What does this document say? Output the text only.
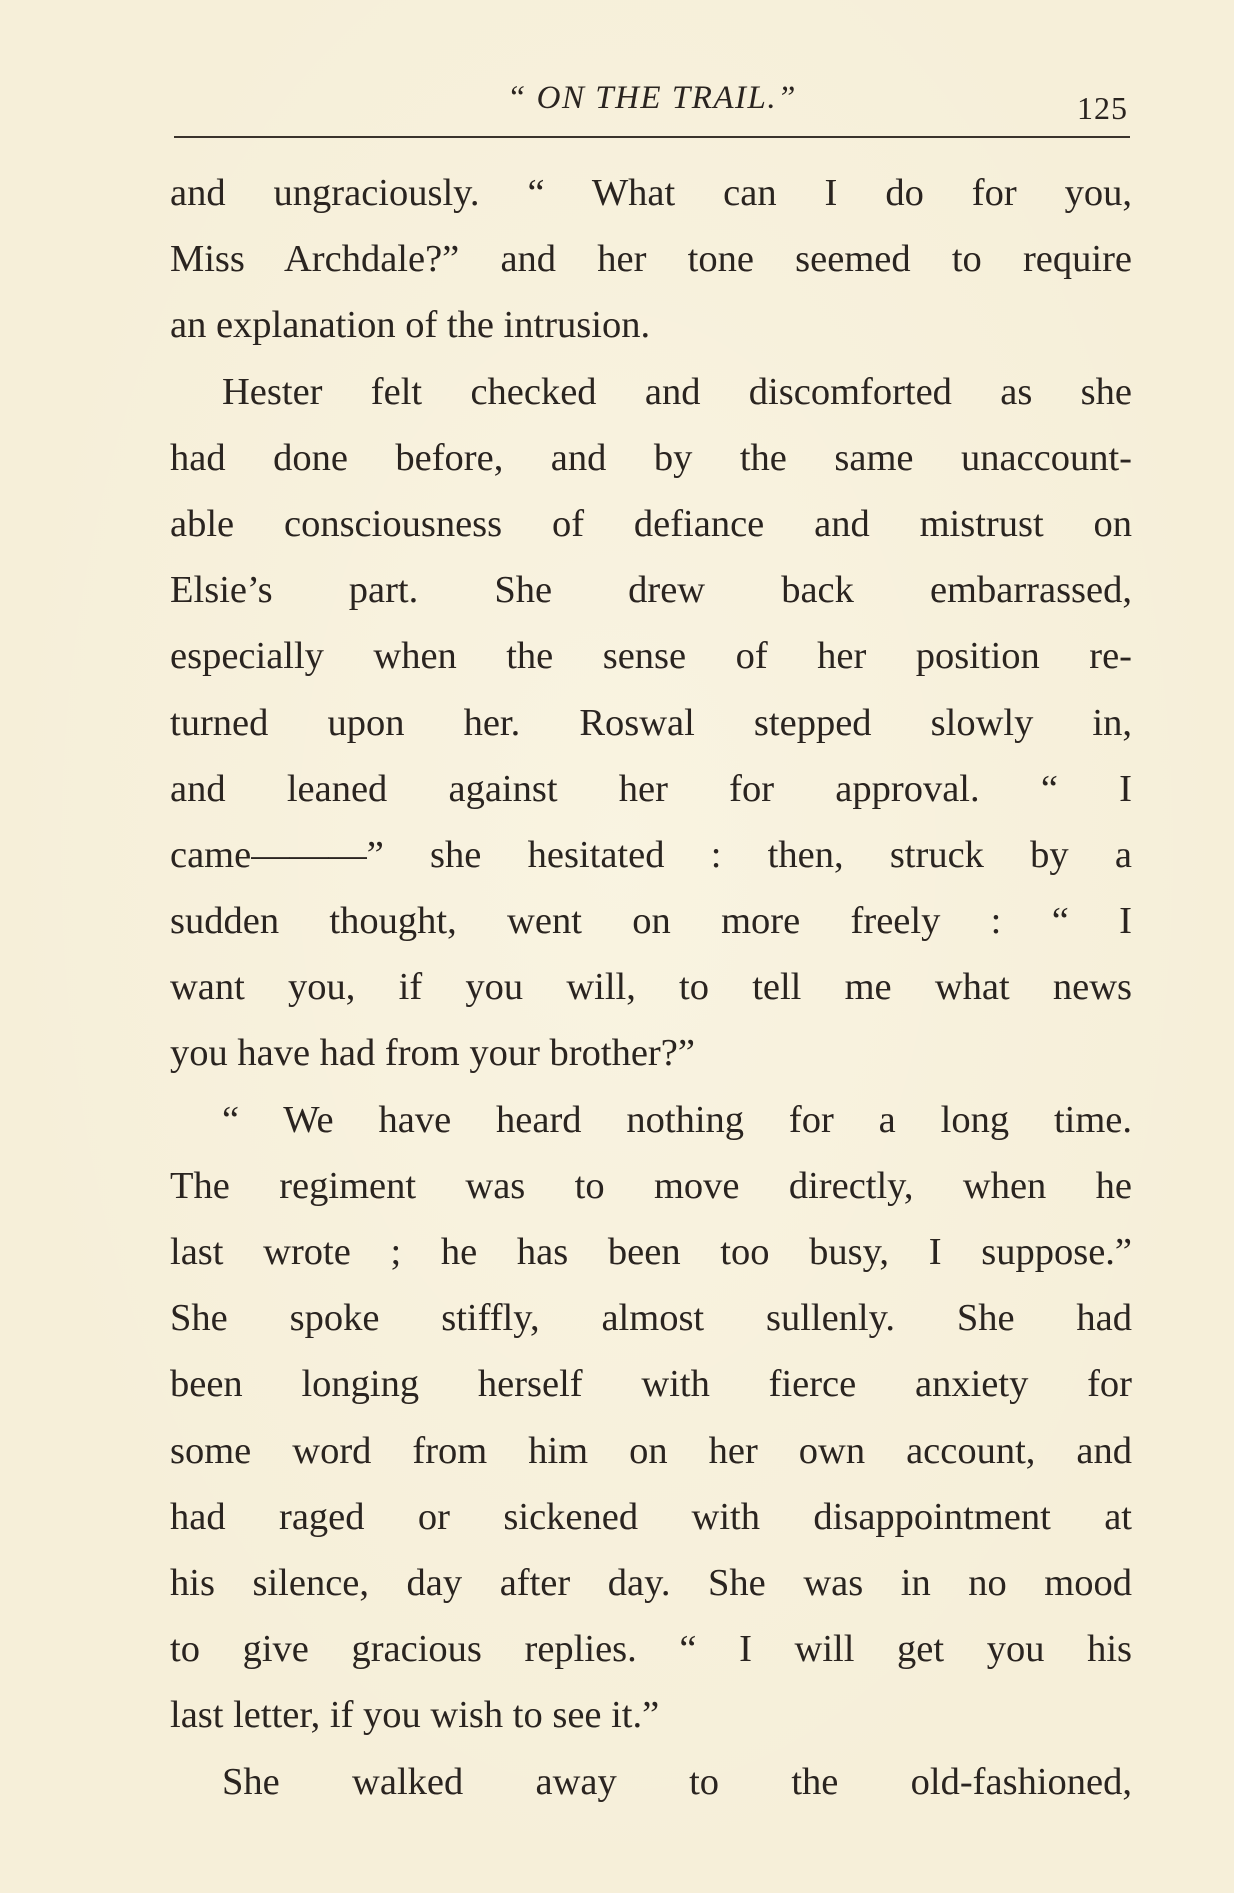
“ ON THE TRAIL.”	125
and ungraciously. “ What can I do for you,
Miss Archdale?” and her tone seemed to require
an explanation of the intrusion.
Hester felt checked and discomforted as she
had done before, and by the same unaccount-
able consciousness of defiance and mistrust on
Elsie’s part. She drew back embarrassed,
especially when the sense of her position re-
turned upon her. Roswal stepped slowly in,
and leaned against her for approval. “ I
came———” she hesitated : then, struck by a
sudden thought, went on more freely : “ I
want you, if you will, to tell me what news
you have had from your brother?”
“ We have heard nothing for a long time.
The regiment was to move directly, when he
last wrote ; he has been too busy, I suppose.”
She spoke stiffly, almost sullenly. She had
been longing herself with fierce anxiety for
some word from him on her own account, and
had raged or sickened with disappointment at
his silence, day after day. She was in no mood
to give gracious replies. “ I will get you his
last letter, if you wish to see it.”
She walked away to the old-fashioned,
